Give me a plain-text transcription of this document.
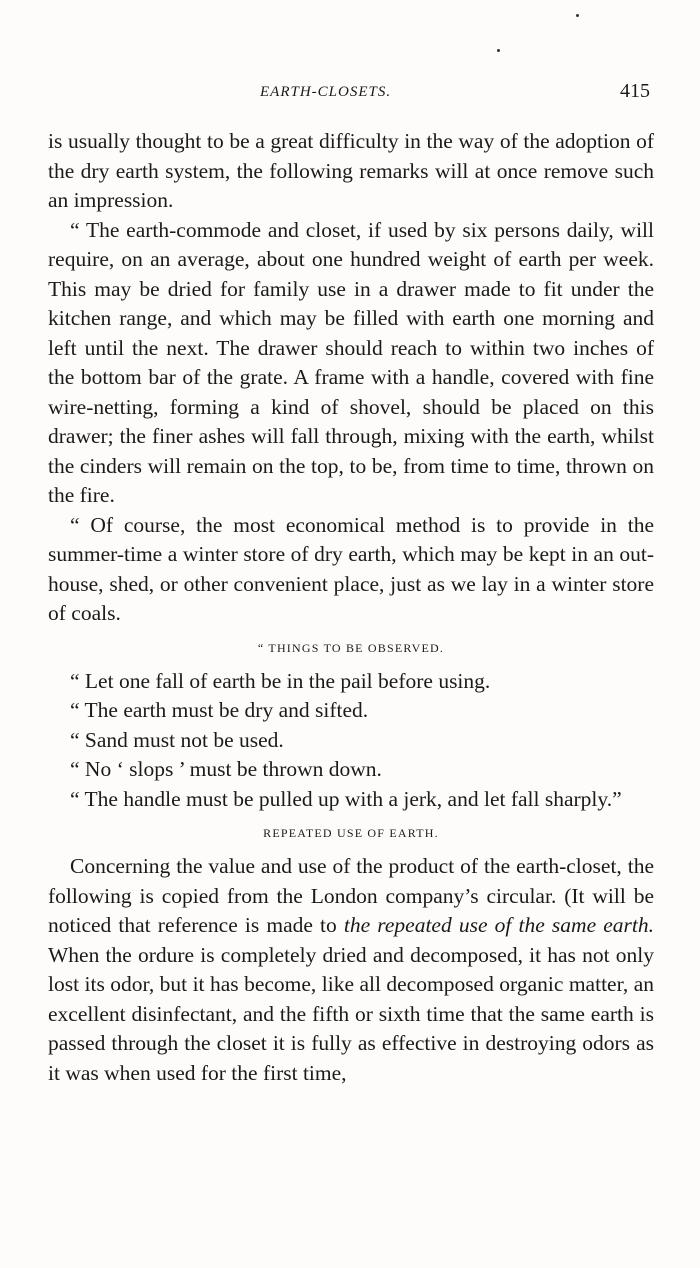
EARTH-CLOSETS.	415

is usually thought to be a great difficulty in the way of the adoption of the dry earth system, the following remarks will at once remove such an impression.

“ The earth-commode and closet, if used by six persons daily, will require, on an average, about one hundred weight of earth per week. This may be dried for family use in a drawer made to fit under the kitchen range, and which may be filled with earth one morning and left until the next. The drawer should reach to within two inches of the bottom bar of the grate. A frame with a handle, covered with fine wire-netting, forming a kind of shovel, should be placed on this drawer; the finer ashes will fall through, mixing with the earth, whilst the cinders will remain on the top, to be, from time to time, thrown on the fire.

“ Of course, the most economical method is to provide in the summer-time a winter store of dry earth, which may be kept in an out-house, shed, or other convenient place, just as we lay in a winter store of coals.

“ THINGS TO BE OBSERVED.

“ Let one fall of earth be in the pail before using.

“ The earth must be dry and sifted.

“ Sand must not be used.

“ No ‘ slops ’ must be thrown down.

“ The handle must be pulled up with a jerk, and let fall sharply.”

REPEATED USE OF EARTH.

Concerning the value and use of the product of the earth-closet, the following is copied from the London company’s circular. (It will be noticed that reference is made to the repeated use of the same earth. When the ordure is completely dried and decomposed, it has not only lost its odor, but it has become, like all decomposed organic matter, an excellent disinfectant, and the fifth or sixth time that the same earth is passed through the closet it is fully as effective in destroying odors as it was when used for the first time,
